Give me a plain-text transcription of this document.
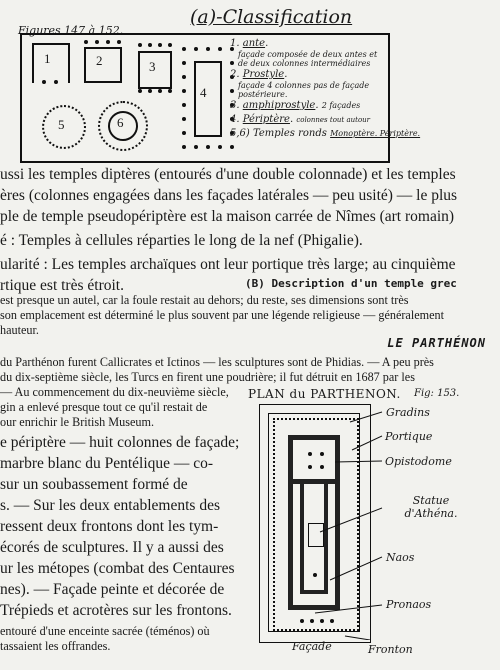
Figures 147 à 152.
(a)-Classification
1	2	3
4
5	6
1. ante.
façade composée de deux antes et de deux colonnes intermédiaires
2. Prostyle.
façade 4 colonnes pas de façade postérieure.
3. amphiprostyle. 2 façades
4. Périptère. colonnes tout autour
5,6) Temples ronds Monoptère. Périptère.
ussi les temples diptères (entourés d'une double colonnade) et les temples
ères (colonnes engagées dans les façades latérales — peu usité) — le plus
ple de temple pseudopériptère est la maison carrée de Nîmes (art romain)
é : Temples à cellules réparties le long de la nef (Phigalie).
ularité : Les temples archaïques ont leur portique très large; au cinquième
rtique est très étroit.	(B) Description d'un temple grec
est presque un autel, car la foule restait au dehors; du reste, ses dimensions sont très
son emplacement est déterminé le plus souvent par une légende religieuse — généralement
hauteur.
LE PARTHÉNON
du Parthénon furent Callicrates et Ictinos — les sculptures sont de Phidias. — A peu près
du dix-septième siècle, les Turcs en firent une poudrière; il fut détruit en 1687 par les
— Au commencement du dix-neuvième siècle,
gin a enlevé presque tout ce qu'il restait de
our enrichir le British Museum.
e périptère — huit colonnes de façade;
marbre blanc du Pentélique — co-
sur un soubassement formé de
s. — Sur les deux entablements des
ressent deux frontons dont les tym-
écorés de sculptures. Il y a aussi des
ur les métopes (combat des Centaures
nes). — Façade peinte et décorée de
Trépieds et acrotères sur les frontons.
entouré d'une enceinte sacrée (téménos) où
tassaient les offrandes.
PLAN du PARTHENON. Fig: 153.
Gradins
Portique
Opistodome
Statue d'Athéna.
Naos
Pronaos
Façade	Fronton
